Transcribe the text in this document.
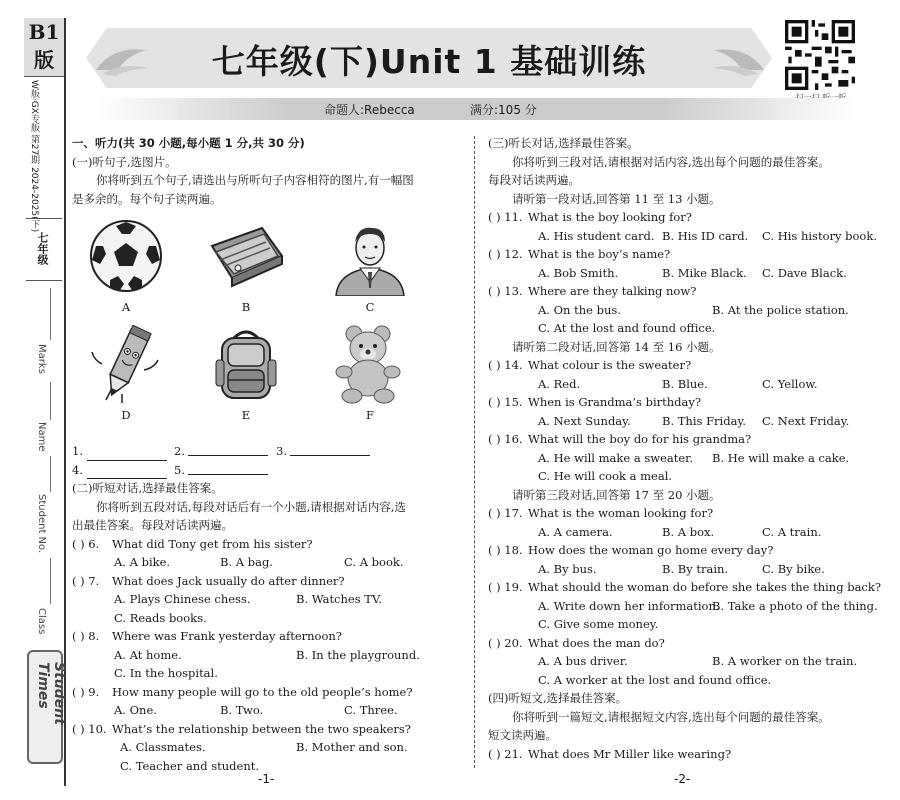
B1版
W版·GX专版 第27期 2024-2025(下)
七年级
Marks
Name
Student No.
Class
Student Times
七年级(下)Unit 1 基础训练
命题人:Rebecca	满分:105 分
一、听力(共 30 小题,每小题 1 分,共 30 分)
(一)听句子,选图片。
你将听到五个句子,请选出与所听句子内容相符的图片,有一幅图
是多余的。每个句子读两遍。
A	B	C
D	E	F
1.	2.	3.
4.	5.
(二)听短对话,选择最佳答案。
你将听到五段对话,每段对话后有一个小题,请根据对话内容,选
出最佳答案。每段对话读两遍。
( ) 6. What did Tony get from his sister?
A. A bike.	B. A bag.	C. A book.
( ) 7. What does Jack usually do after dinner?
A. Plays Chinese chess.	B. Watches TV.
C. Reads books.
( ) 8. Where was Frank yesterday afternoon?
A. At home.	B. In the playground.
C. In the hospital.
( ) 9. How many people will go to the old people’s home?
A. One.	B. Two.	C. Three.
( ) 10. What’s the relationship between the two speakers?
A. Classmates.	B. Mother and son.
C. Teacher and student.
(三)听长对话,选择最佳答案。
你将听到三段对话,请根据对话内容,选出每个问题的最佳答案。
每段对话读两遍。
请听第一段对话,回答第 11 至 13 小题。
( ) 11. What is the boy looking for?
A. His student card. B. His ID card. C. His history book.
( ) 12. What is the boy’s name?
A. Bob Smith.	B. Mike Black. C. Dave Black.
( ) 13. Where are they talking now?
A. On the bus.	B. At the police station.
C. At the lost and found office.
请听第二段对话,回答第 14 至 16 小题。
( ) 14. What colour is the sweater?
A. Red.	B. Blue.	C. Yellow.
( ) 15. When is Grandma’s birthday?
A. Next Sunday.	B. This Friday. C. Next Friday.
( ) 16. What will the boy do for his grandma?
A. He will make a sweater. B. He will make a cake.
C. He will cook a meal.
请听第三段对话,回答第 17 至 20 小题。
( ) 17. What is the woman looking for?
A. A camera.	B. A box.	C. A train.
( ) 18. How does the woman go home every day?
A. By bus.	B. By train.	C. By bike.
( ) 19. What should the woman do before she takes the thing back?
A. Write down her information.
B. Take a photo of the thing.
C. Give some money.
( ) 20. What does the man do?
A. A bus driver.	B. A worker on the train.
C. A worker at the lost and found office.
(四)听短文,选择最佳答案。
你将听到一篇短文,请根据短文内容,选出每个问题的最佳答案。
短文读两遍。
( ) 21. What does Mr Miller like wearing?
-1-	-2-
